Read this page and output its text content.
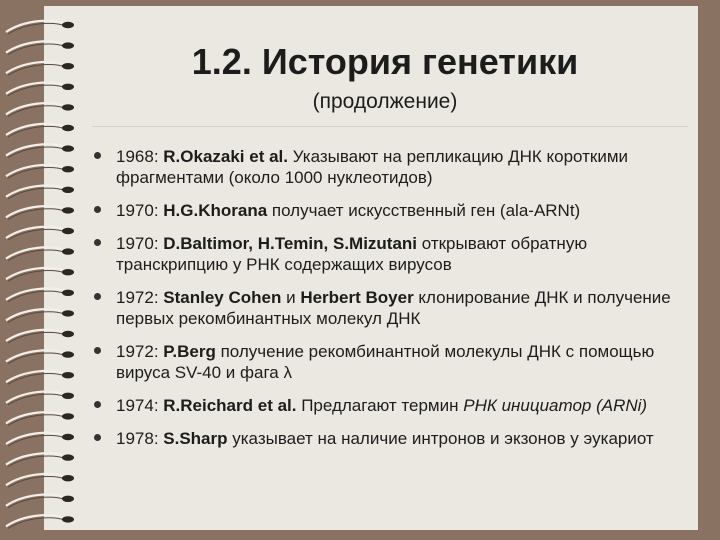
1.2. История генетики
(продолжение)
1968: R.Okazaki et al. Указывают на репликацию ДНК короткими фрагментами (около 1000 нуклеотидов)
1970: H.G.Khorana получает искусственный ген (ala-ARNt)
1970: D.Baltimor, H.Temin, S.Mizutani открывают обратную транскрипцию у РНК содержащих вирусов
1972: Stanley Cohen и Herbert Boyer клонирование ДНК и получение первых рекомбинантных молекул ДНК
1972: P.Berg получение рекомбинантной молекулы ДНК с помощью вируса SV-40 и фага λ
1974: R.Reichard et al. Предлагают термин РНК инициатор (ARNi)
1978: S.Sharp указывает на наличие интронов и экзонов у эукариот
